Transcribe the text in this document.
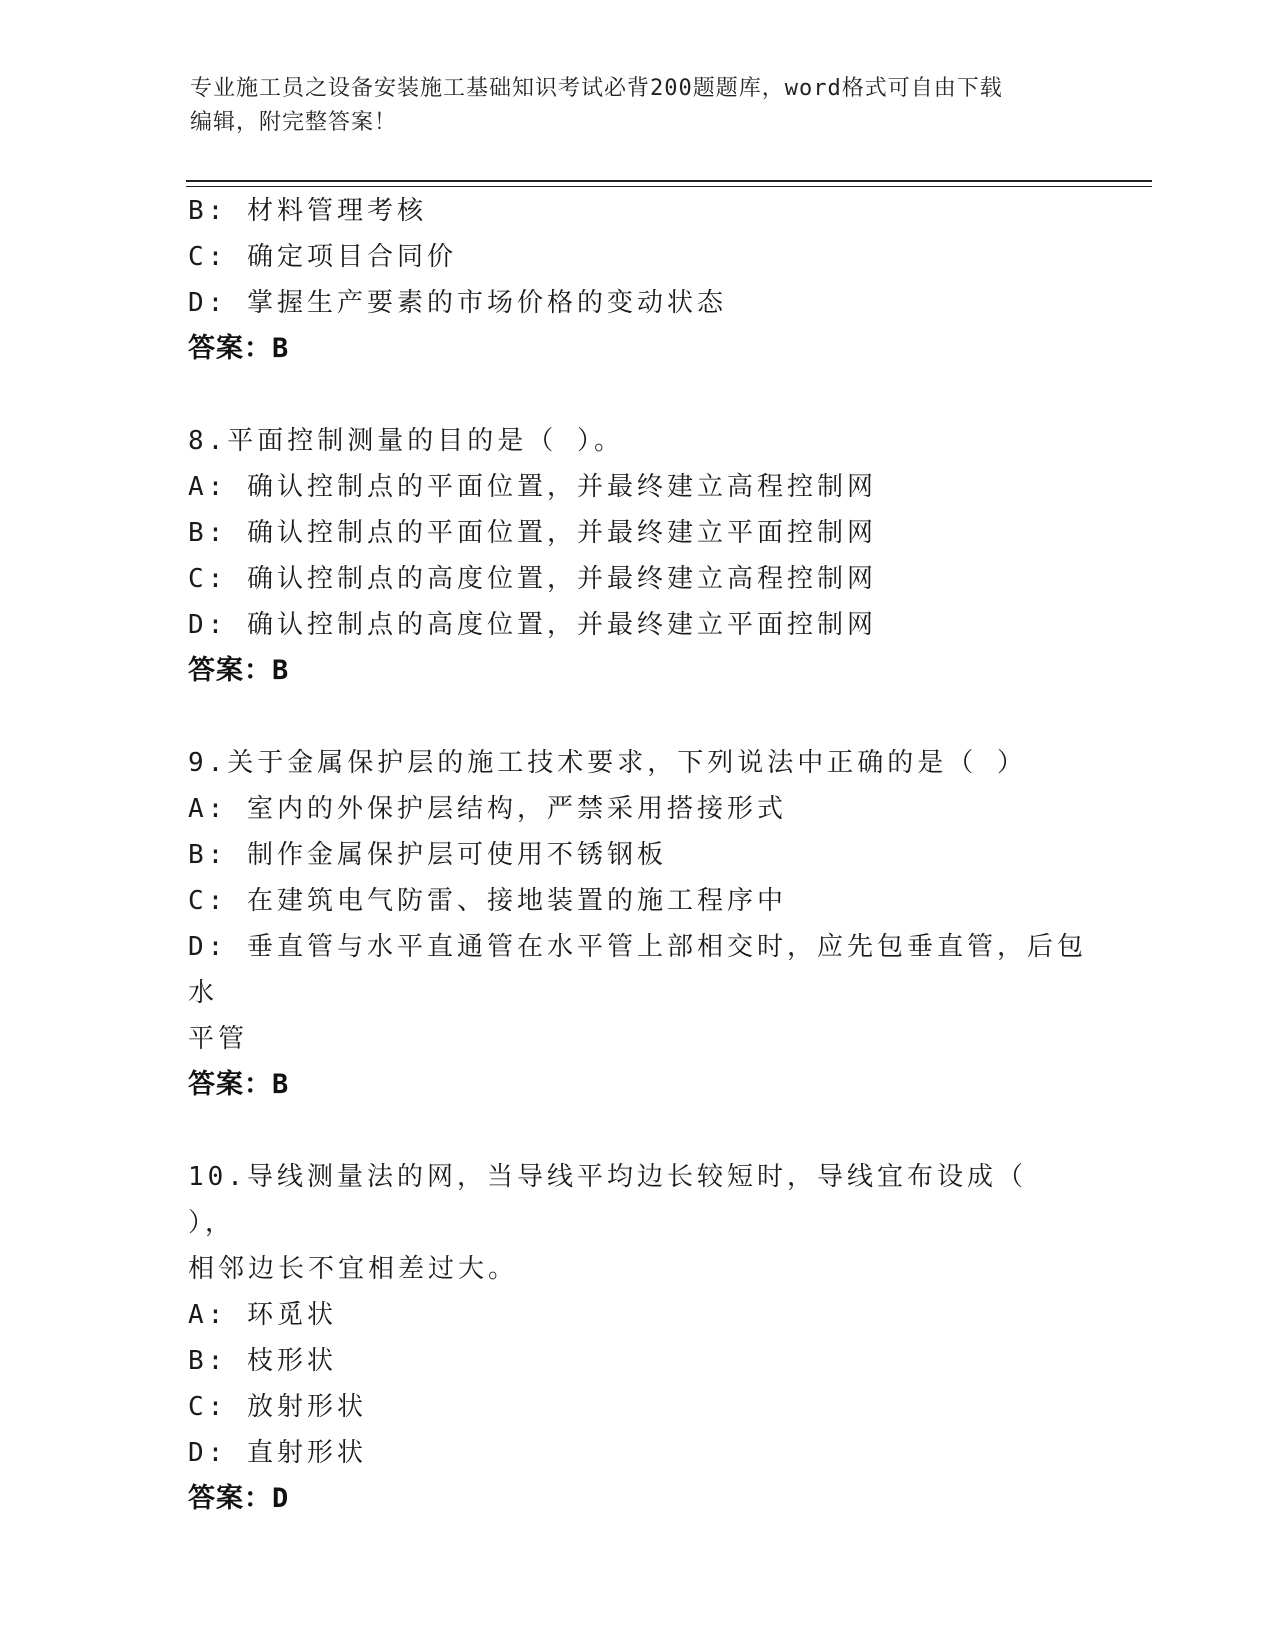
专业施工员之设备安装施工基础知识考试必背200题题库，word格式可自由下载
编辑，附完整答案！
B: 材料管理考核
C: 确定项目合同价
D: 掌握生产要素的市场价格的变动状态
答案：B
8.平面控制测量的目的是（ ）。
A: 确认控制点的平面位置，并最终建立高程控制网
B: 确认控制点的平面位置，并最终建立平面控制网
C: 确认控制点的高度位置，并最终建立高程控制网
D: 确认控制点的高度位置，并最终建立平面控制网
答案：B
9.关于金属保护层的施工技术要求，下列说法中正确的是（ ）
A: 室内的外保护层结构，严禁采用搭接形式
B: 制作金属保护层可使用不锈钢板
C: 在建筑电气防雷、接地装置的施工程序中
D: 垂直管与水平直通管在水平管上部相交时，应先包垂直管，后包水
平管
答案：B
10.导线测量法的网，当导线平均边长较短时，导线宜布设成（ ），
相邻边长不宜相差过大。
A: 环觅状
B: 枝形状
C: 放射形状
D: 直射形状
答案：D
